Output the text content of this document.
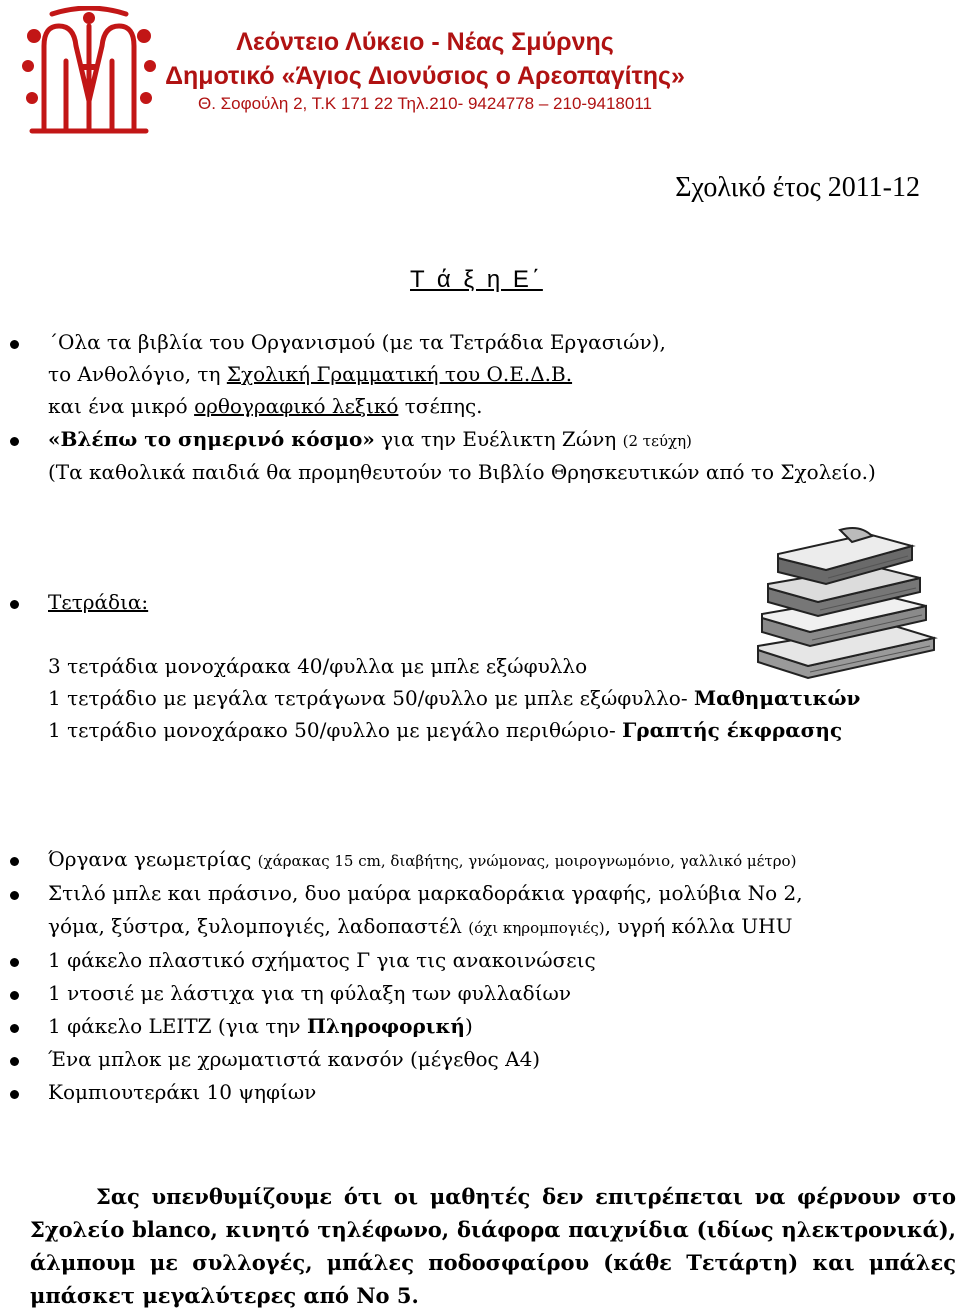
Λεόντειο Λύκειο - Νέας Σμύρνης
Δημοτικό «Άγιος Διονύσιος ο Αρεοπαγίτης»
Θ. Σοφούλη 2, Τ.Κ 171 22 Τηλ.210- 9424778 – 210-9418011
Σχολικό έτος 2011-12
Τ ά ξ η Ε΄
΄Ολα τα βιβλία του Οργανισμού (με τα Τετράδια Εργασιών),
το Ανθολόγιο, τη Σχολική Γραμματική του Ο.Ε.Δ.Β.
και ένα μικρό ορθογραφικό λεξικό τσέπης.
«Βλέπω το σημερινό κόσμο» για την Ευέλικτη Ζώνη (2 τεύχη)
(Τα καθολικά παιδιά θα προμηθευτούν το Βιβλίο Θρησκευτικών από το Σχολείο.)
Τετράδια:
3 τετράδια μονοχάρακα 40/φυλλα με μπλε εξώφυλλο
1 τετράδιο με μεγάλα τετράγωνα 50/φυλλο με μπλε εξώφυλλο- Μαθηματικών
1 τετράδιο μονοχάρακο 50/φυλλο με μεγάλο περιθώριο- Γραπτής έκφρασης
Όργανα γεωμετρίας (χάρακας 15 cm, διαβήτης, γνώμονας, μοιρογνωμόνιο, γαλλικό μέτρο)
Στιλό μπλε και πράσινο, δυο μαύρα μαρκαδοράκια γραφής, μολύβια Νο 2,
γόμα, ξύστρα, ξυλομπογιές, λαδοπαστέλ (όχι κηρομπογιές), υγρή κόλλα UHU
1 φάκελο πλαστικό σχήματος Γ για τις ανακοινώσεις
1 ντοσιέ με λάστιχα για τη φύλαξη των φυλλαδίων
1 φάκελο LEITZ (για την Πληροφορική)
Ένα μπλοκ με χρωματιστά κανσόν (μέγεθος Α4)
Κομπιουτεράκι 10 ψηφίων
Σας υπενθυμίζουμε ότι οι μαθητές δεν επιτρέπεται να φέρνουν στο Σχολείο blanco, κινητό τηλέφωνο, διάφορα παιχνίδια (ιδίως ηλεκτρονικά), άλμπουμ με συλλογές, μπάλες ποδοσφαίρου (κάθε Τετάρτη) και μπάλες μπάσκετ μεγαλύτερες από Νο 5.
